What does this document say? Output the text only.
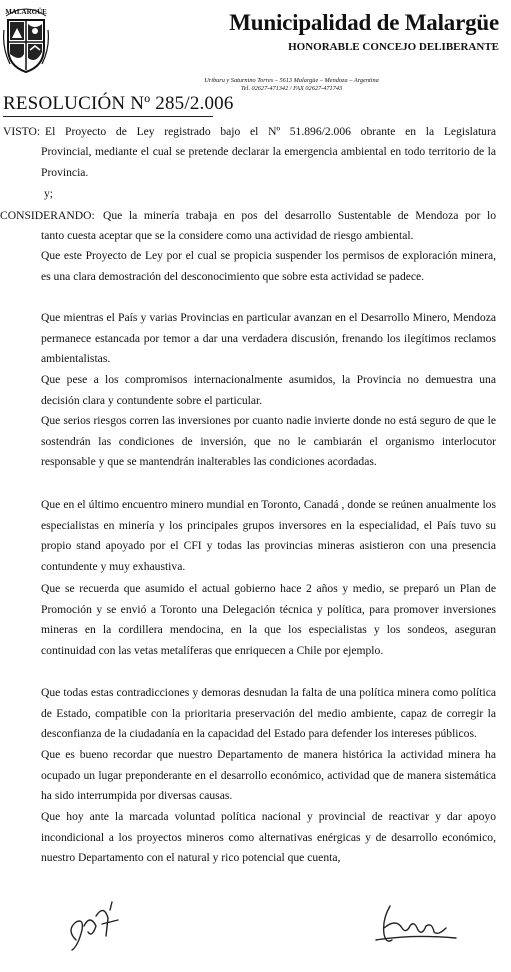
MALARGÜE	Municipalidad de Malargüe
HONORABLE CONCEJO DELIBERANTE
Uriburu y Saturnino Torres – 5613 Malargüe – Mendoza – Argentina
Tel. 02627-471342 / FAX 02627-471743
RESOLUCIÓN Nº 285/2.006
VISTO: El Proyecto de Ley registrado bajo el Nº 51.896/2.006 obrante en la Legislatura
Provincial, mediante el cual se pretende declarar la emergencia ambiental en todo territorio de la Provincia.
y;
CONSIDERANDO: Que la minería trabaja en pos del desarrollo Sustentable de Mendoza por lo
tanto cuesta aceptar que se la considere como una actividad de riesgo ambiental.
Que este Proyecto de Ley por el cual se propicia suspender los permisos de exploración minera, es una clara demostración del desconocimiento que sobre esta actividad se padece.
Que mientras el País y varias Provincias en particular avanzan en el Desarrollo Minero, Mendoza permanece estancada por temor a dar una verdadera discusión, frenando los ilegítimos reclamos ambientalistas.
Que pese a los compromisos internacionalmente asumidos, la Provincia no demuestra una decisión clara y contundente sobre el particular.
Que serios riesgos corren las inversiones por cuanto nadie invierte donde no está seguro de que le sostendrán las condiciones de inversión, que no le cambiarán el organismo interlocutor responsable y que se mantendrán inalterables las condiciones acordadas.
Que en el último encuentro minero mundial en Toronto, Canadá , donde se reúnen anualmente los especialistas en minería y los principales grupos inversores en la especialidad, el País tuvo su propio stand apoyado por el CFI y todas las provincias mineras asistieron con una presencia contundente y muy exhaustiva.
Que se recuerda que asumido el actual gobierno hace 2 años y medio, se preparó un Plan de Promoción y se envió a Toronto una Delegación técnica y política, para promover inversiones mineras en la cordillera mendocina, en la que los especialistas y los sondeos, aseguran continuidad con las vetas metalíferas que enriquecen a Chile por ejemplo.
Que todas estas contradicciones y demoras desnudan la falta de una política minera como política de Estado, compatible con la prioritaria preservación del medio ambiente, capaz de corregir la desconfianza de la ciudadanía en la capacidad del Estado para defender los intereses públicos.
Que es bueno recordar que nuestro Departamento de manera histórica la actividad minera ha ocupado un lugar preponderante en el desarrollo económico, actividad que de manera sistemática ha sido interrumpida por diversas causas.
Que hoy ante la marcada voluntad política nacional y provincial de reactivar y dar apoyo incondicional a los proyectos mineros como alternativas enérgicas y de desarrollo económico, nuestro Departamento con el natural y rico potencial que cuenta,
